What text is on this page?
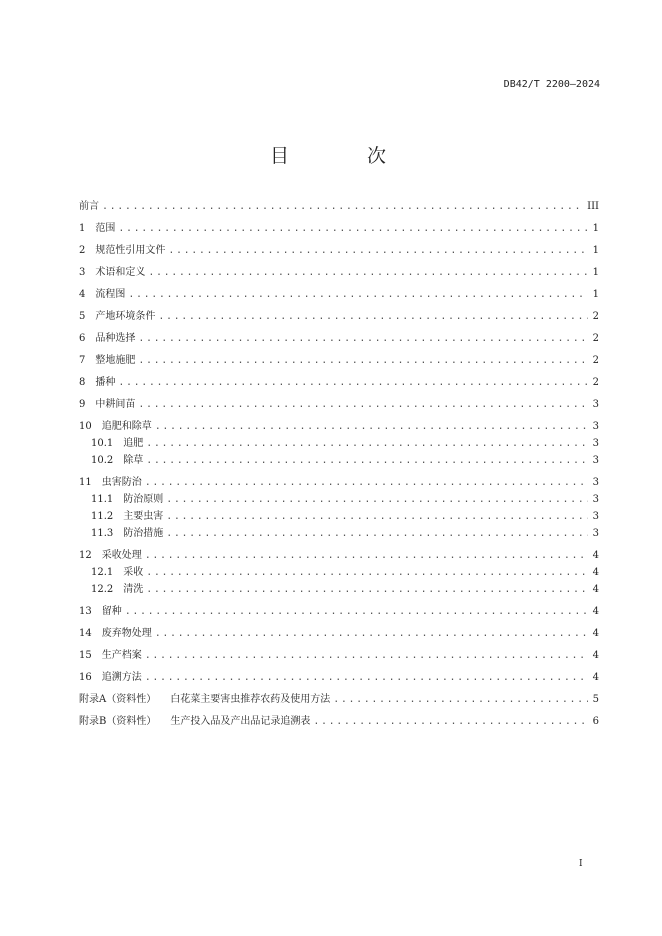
DB42/T 2200—2024
目 次
前言 .....	III
1	范围 .....	1
2	规范性引用文件 .....	1
3	术语和定义 .....	1
4	流程图 .....	1
5	产地环境条件 .....	2
6	品种选择 .....	2
7	整地施肥 .....	2
8	播种 .....	2
9	中耕间苗 .....	3
10	追肥和除草 .....	3
10.1	追肥 .....	3
10.2	除草 .....	3
11	虫害防治 .....	3
11.1	防治原则 .....	3
11.2	主要虫害 .....	3
11.3	防治措施 .....	3
12	采收处理 .....	4
12.1	采收 .....	4
12.2	清洗 .....	4
13	留种 .....	4
14	废弃物处理 .....	4
15	生产档案 .....	4
16	追溯方法 .....	4
附录A（资料性）	白花菜主要害虫推荐农药及使用方法 .....	5
附录B（资料性）	生产投入品及产出品记录追溯表 .....	6
I
